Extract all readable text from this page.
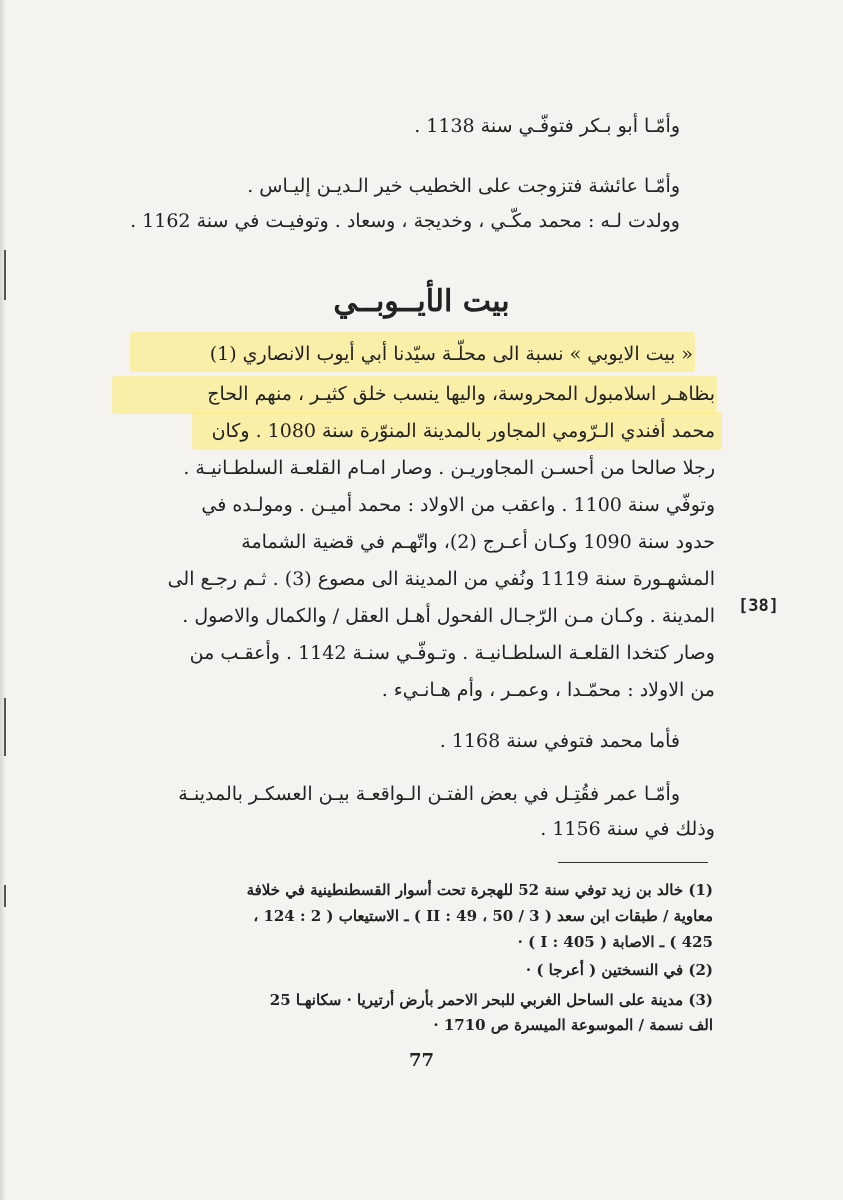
وأمّـا أبو بـكر فتوفّـي سنة 1138 .
وأمّـا عائشة فتزوجت على الخطيب خير الـديـن إليـاس .
وولدت لـه : محمد مكّـي ، وخديجة ، وسعاد . وتوفيـت في سنة 1162 .
بيت الأيــوبــي
« بيت الايوبي » نسبة الى محلّـة سيّدنا أبي أيوب الانصاري (1)
بظاهـر اسلامبول المحروسة، واليها ينسب خلق كثيـر ، منهم الحاج
محمد أفندي الـرّومي المجاور بالمدينة المنوّرة سنة 1080 . وكان
رجلا صالحا من أحسـن المجاوريـن . وصار امـام القلعـة السلطـانيـة .
وتوفّي سنة 1100 . واعقب من الاولاد : محمد أميـن . ومولـده في
حدود سنة 1090 وكـان أعـرج (2)، واتّهـم في قضية الشمامة
المشهـورة سنة 1119 ونُفي من المدينة الى مصوع (3) . ثـم رجـع الى
المدينة . وكـان مـن الرّجـال الفحول أهـل العقل / والكمال والاصول .
وصار كتخدا القلعـة السلطـانيـة . وتـوفّـي سنـة 1142 . وأعقـب من
من الاولاد : محمّـدا ، وعمـر ، وأم هـانـيء .
[38]
فأما محمد فتوفي سنة 1168 .
وأمّـا عمر فقُتِـل في بعض الفتـن الـواقعـة بيـن العسكـر بالمدينـة
وذلك في سنة 1156 .
(1) خالد بن زيد توفي سنة 52 للهجرة تحت أسوار القسطنطينية في خلافة
معاوية / طبقات ابن سعد ( 3 / II : 49 ، 50 ) ـ الاستيعاب ( 2 : 124 ،
425 ) ـ الاصابة ( I : 405 ) ·
(2) في النسختين ( أعرجا ) ·
(3) مدينة على الساحل الغربي للبحر الاحمر بأرض أرتيريا · سكانهـا 25
الف نسمة / الموسوعة الميسرة ص 1710 ·
77
